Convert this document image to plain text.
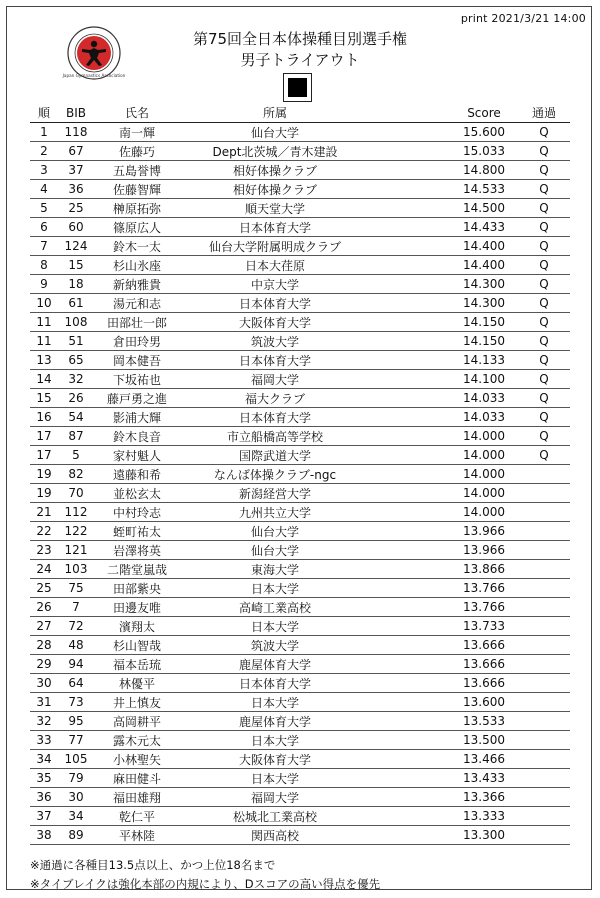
print 2021/3/21 14:00
Japan Gymnastics Association
第75回全日本体操種目別選手権
男子トライアウト
順	BIB	氏名	所属		Score	通過
1	118	南一輝	仙台大学		15.600	Q
2	67	佐藤巧	Dept北茨城／青木建設		15.033	Q
3	37	五島誉博	相好体操クラブ		14.800	Q
4	36	佐藤智輝	相好体操クラブ		14.533	Q
5	25	榊原拓弥	順天堂大学		14.500	Q
6	60	篠原広人	日本体育大学		14.433	Q
7	124	鈴木一太	仙台大学附属明成クラブ		14.400	Q
8	15	杉山氷座	日本大荏原		14.400	Q
9	18	新納雅貴	中京大学		14.300	Q
10	61	湯元和志	日本体育大学		14.300	Q
11	108	田部壮一郎	大阪体育大学		14.150	Q
11	51	倉田玲男	筑波大学		14.150	Q
13	65	岡本健吾	日本体育大学		14.133	Q
14	32	下坂祐也	福岡大学		14.100	Q
15	26	藤戸勇之進	福大クラブ		14.033	Q
16	54	影浦大輝	日本体育大学		14.033	Q
17	87	鈴木良音	市立船橋高等学校		14.000	Q
17	5	家村魁人	国際武道大学		14.000	Q
19	82	遠藤和希	なんば体操クラブ-ngc		14.000	
19	70	並松玄太	新潟経営大学		14.000	
21	112	中村玲志	九州共立大学		14.000	
22	122	蛭町祐太	仙台大学		13.966	
23	121	岩澤将英	仙台大学		13.966	
24	103	二階堂嵐哉	東海大学		13.866	
25	75	田部紫央	日本大学		13.766	
26	7	田邊友唯	高崎工業高校		13.766	
27	72	濱翔太	日本大学		13.733	
28	48	杉山智哉	筑波大学		13.666	
29	94	福本岳琉	鹿屋体育大学		13.666	
30	64	林優平	日本体育大学		13.666	
31	73	井上慎友	日本大学		13.600	
32	95	高岡耕平	鹿屋体育大学		13.533	
33	77	露木元太	日本大学		13.500	
34	105	小林聖矢	大阪体育大学		13.466	
35	79	麻田健斗	日本大学		13.433	
36	30	福田雄翔	福岡大学		13.366	
37	34	乾仁平	松城北工業高校		13.333	
38	89	平林陸	関西高校		13.300	
※通過に各種目13.5点以上、かつ上位18名まで
※タイブレイクは強化本部の内規により、Dスコアの高い得点を優先
